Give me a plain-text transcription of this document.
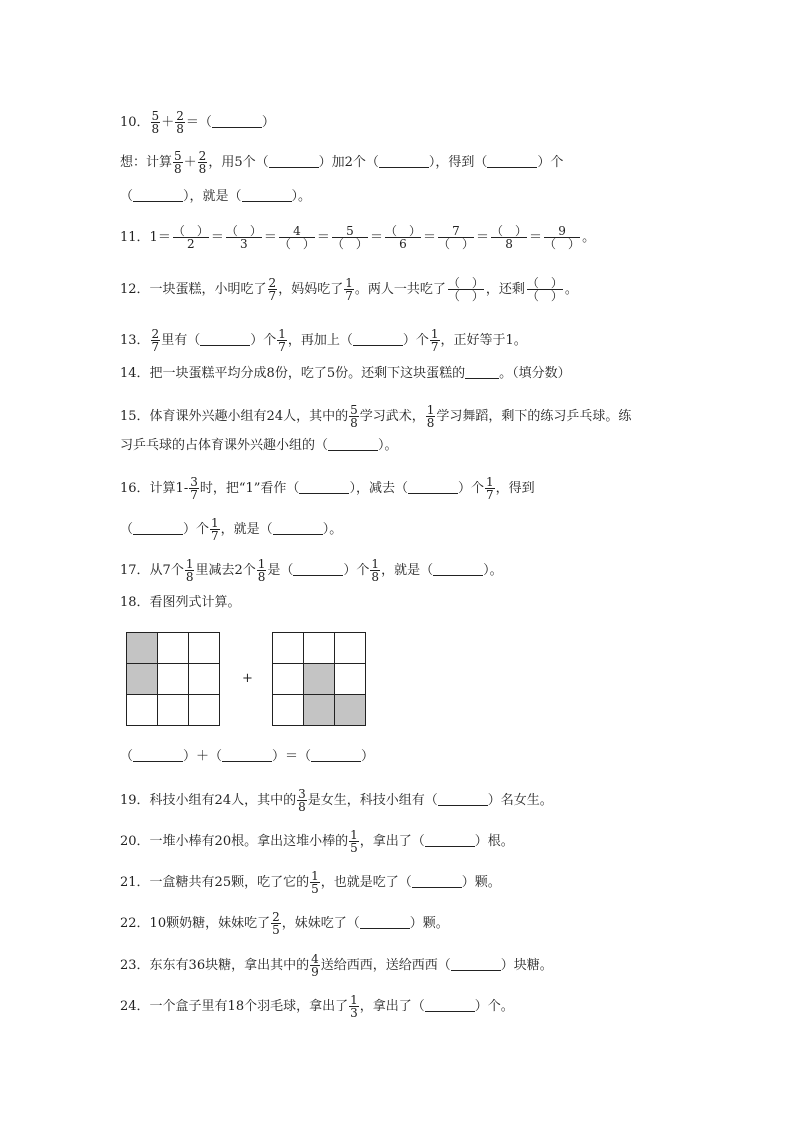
10． $\frac{5}{8} + \frac{2}{8}$ ＝（	）
想：计算 $\frac{5}{8} + \frac{2}{8}$ ，用5个（	）加2个（	），得到（	）个
（	），就是（	）。
11．1＝ （　）
2	＝ （　）
3	＝	4
（　） ＝	5
（　） ＝ （　）
6	＝	7
（　） ＝ （　）
8	＝	9
（　） 。
12．一块蛋糕，小明吃了 $\frac{2}{7}$ ，妈妈吃了 $\frac{1}{7}$ 。两人一共吃了 （　）
（　） ，还剩 （　）
（　） 。
13． $\frac{2}{7}$ 里有（	）个 $\frac{1}{7}$ ，再加上（	）个 $\frac{1}{7}$ ，正好等于1。
14．把一块蛋糕平均分成8份，吃了5份。还剩下这块蛋糕的	。（填分数）
15．体育课外兴趣小组有24人，其中的 $\frac{5}{8}$ 学习武术， $\frac{1}{8}$ 学习舞蹈，剩下的练习乒乓球。练
习乒乓球的占体育课外兴趣小组的（	）。
16．计算$1- \frac{3}{7}$ 时，把“1”看作（	），减去（	）个 $\frac{1}{7}$ ，得到
（	）个 $\frac{1}{7}$ ，就是（	）。
17．从7个 $\frac{1}{8}$ 里减去2个 $\frac{1}{8}$ 是（	）个 $\frac{1}{8}$ ，就是（	）。
18．看图列式计算。
+
（	）＋（	）＝（	）
19．科技小组有24人，其中的 $\frac{3}{8}$ 是女生，科技小组有（	）名女生。
20．一堆小棒有20根。拿出这堆小棒的 $\frac{1}{5}$ ，拿出了（	）根。
21．一盒糖共有25颗，吃了它的 $\frac{1}{5}$ ，也就是吃了（	）颗。
22．10颗奶糖，妹妹吃了 $\frac{2}{5}$ ，妹妹吃了（	）颗。
23．东东有36块糖，拿出其中的 $\frac{4}{9}$ 送给西西，送给西西（	）块糖。
24．一个盒子里有18个羽毛球，拿出了 $\frac{1}{3}$ ，拿出了（	）个。
